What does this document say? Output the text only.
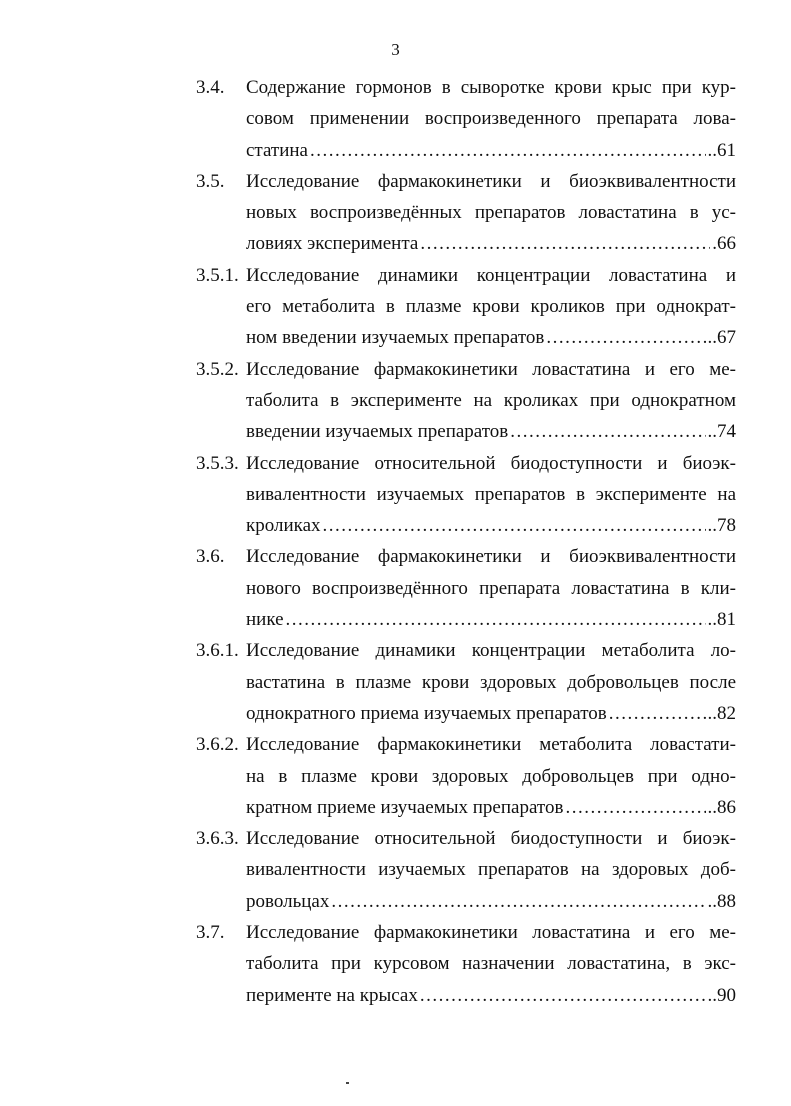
3
3.4.	Содержание гормонов в сыворотке крови крыс при кур-
совом применении воспроизведенного препарата лова-
статина .....	..61
3.5.	Исследование фармакокинетики и биоэквивалентности
новых воспроизведённых препаратов ловастатина в ус-
ловиях эксперимента .....	.66
3.5.1. Исследование динамики концентрации ловастатина и
его метаболита в плазме крови кроликов при однократ-
ном введении изучаемых препаратов .....	..67
3.5.2. Исследование фармакокинетики ловастатина и его ме-
таболита в эксперименте на кроликах при однократном
введении изучаемых препаратов .....	..74
3.5.3. Исследование относительной биодоступности и биоэк-
вивалентности изучаемых препаратов в эксперименте на
кроликах .....	..78
3.6.	Исследование фармакокинетики и биоэквивалентности
нового воспроизведённого препарата ловастатина в кли-
нике .....	..81
3.6.1. Исследование динамики концентрации метаболита ло-
вастатина в плазме крови здоровых добровольцев после
однократного приема изучаемых препаратов .....	..82
3.6.2. Исследование фармакокинетики метаболита ловастати-
на в плазме крови здоровых добровольцев при одно-
кратном приеме изучаемых препаратов .....	..86
3.6.3. Исследование относительной биодоступности и биоэк-
вивалентности изучаемых препаратов на здоровых доб-
ровольцах .....	..88
3.7.	Исследование фармакокинетики ловастатина и его ме-
таболита при курсовом назначении ловастатина, в экс-
перименте на крысах .....	..90
